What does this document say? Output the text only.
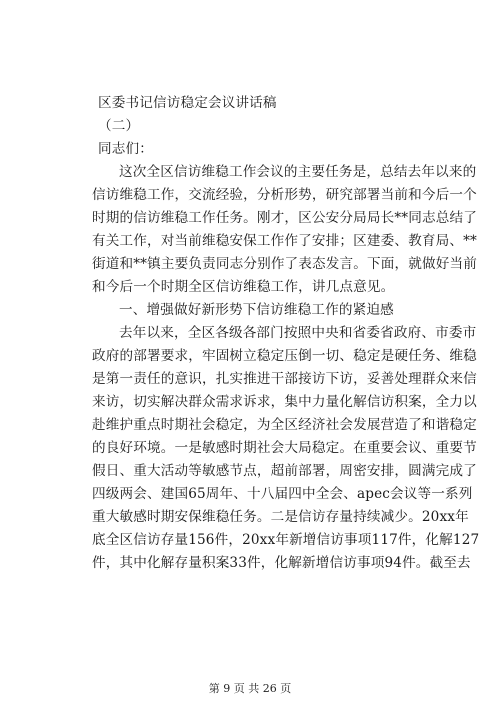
区委书记信访稳定会议讲话稿

（二）

同志们：

这次全区信访维稳工作会议的主要任务是，总结去年以来的
信访维稳工作，交流经验，分析形势，研究部署当前和今后一个
时期的信访维稳工作任务。刚才，区公安分局局长**同志总结了
有关工作，对当前维稳安保工作作了安排；区建委、教育局、**
街道和**镇主要负责同志分别作了表态发言。下面，就做好当前
和今后一个时期全区信访维稳工作，讲几点意见。

一、增强做好新形势下信访维稳工作的紧迫感

去年以来，全区各级各部门按照中央和省委省政府、市委市
政府的部署要求，牢固树立稳定压倒一切、稳定是硬任务、维稳
是第一责任的意识，扎实推进干部接访下访，妥善处理群众来信
来访，切实解决群众需求诉求，集中力量化解信访积案，全力以
赴维护重点时期社会稳定，为全区经济社会发展营造了和谐稳定
的良好环境。一是敏感时期社会大局稳定。在重要会议、重要节
假日、重大活动等敏感节点，超前部署，周密安排，圆满完成了
四级两会、建国65周年、十八届四中全会、apec会议等一系列
重大敏感时期安保维稳任务。二是信访存量持续减少。20xx年
底全区信访存量156件，20xx年新增信访事项117件，化解127
件，其中化解存量积案33件，化解新增信访事项94件。截至去
第 9 页 共 26 页
